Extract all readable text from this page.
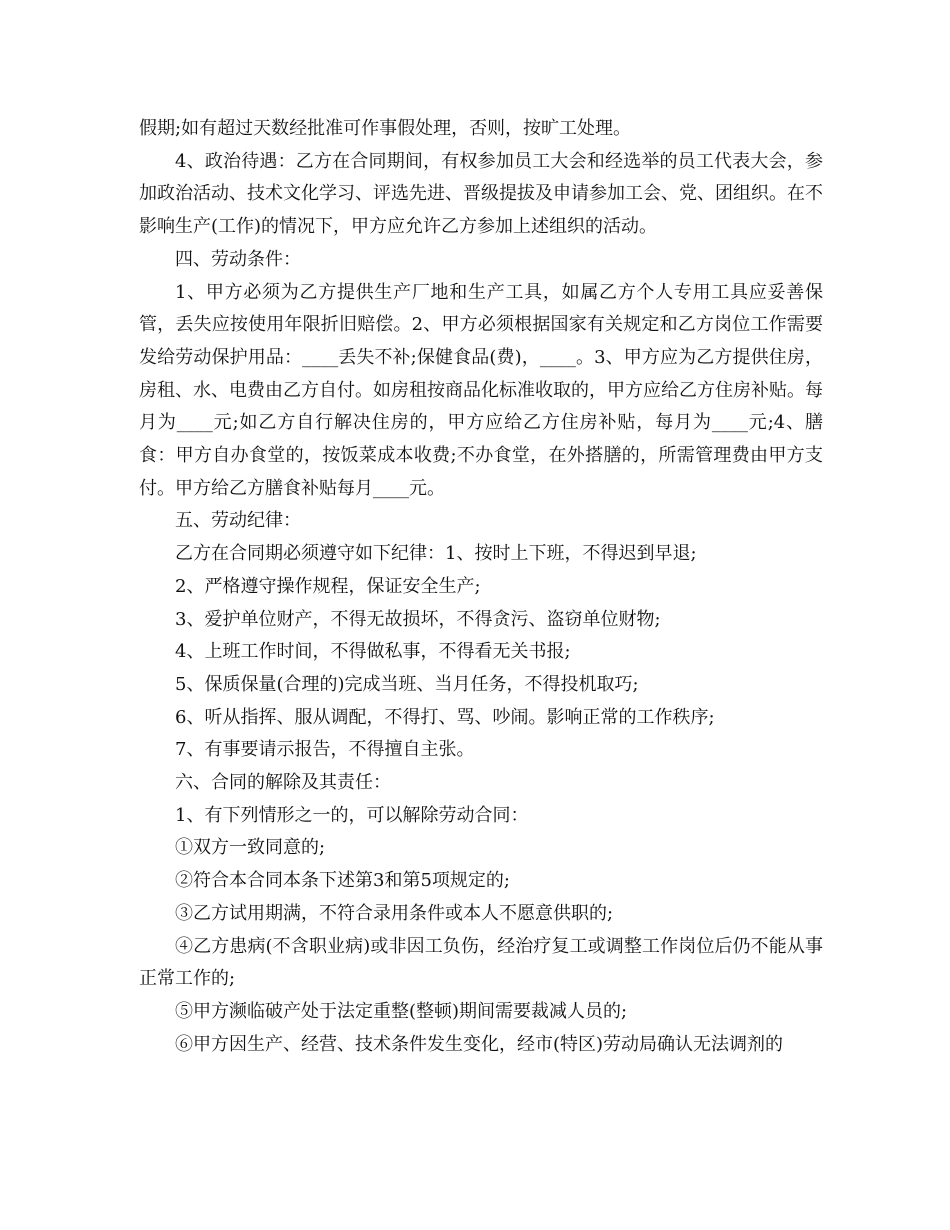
假期;如有超过天数经批准可作事假处理，否则，按旷工处理。

4、政治待遇：乙方在合同期间，有权参加员工大会和经选举的员工代表大会，参加政治活动、技术文化学习、评选先进、晋级提拔及申请参加工会、党、团组织。在不影响生产(工作)的情况下，甲方应允许乙方参加上述组织的活动。

四、劳动条件：

1、甲方必须为乙方提供生产厂地和生产工具，如属乙方个人专用工具应妥善保管，丢失应按使用年限折旧赔偿。2、甲方必须根据国家有关规定和乙方岗位工作需要发给劳动保护用品：____丢失不补;保健食品(费)，____。3、甲方应为乙方提供住房，房租、水、电费由乙方自付。如房租按商品化标准收取的，甲方应给乙方住房补贴。每月为____元;如乙方自行解决住房的，甲方应给乙方住房补贴，每月为____元;4、膳食：甲方自办食堂的，按饭菜成本收费;不办食堂，在外搭膳的，所需管理费由甲方支付。甲方给乙方膳食补贴每月____元。

五、劳动纪律：

乙方在合同期必须遵守如下纪律：1、按时上下班，不得迟到早退;

2、严格遵守操作规程，保证安全生产;

3、爱护单位财产，不得无故损坏，不得贪污、盗窃单位财物;

4、上班工作时间，不得做私事，不得看无关书报;

5、保质保量(合理的)完成当班、当月任务，不得投机取巧;

6、听从指挥、服从调配，不得打、骂、吵闹。影响正常的工作秩序;

7、有事要请示报告，不得擅自主张。

六、合同的解除及其责任：

1、有下列情形之一的，可以解除劳动合同：

①双方一致同意的;

②符合本合同本条下述第3和第5项规定的;

③乙方试用期满，不符合录用条件或本人不愿意供职的;

④乙方患病(不含职业病)或非因工负伤，经治疗复工或调整工作岗位后仍不能从事正常工作的;

⑤甲方濒临破产处于法定重整(整顿)期间需要裁减人员的;

⑥甲方因生产、经营、技术条件发生变化，经市(特区)劳动局确认无法调剂的
